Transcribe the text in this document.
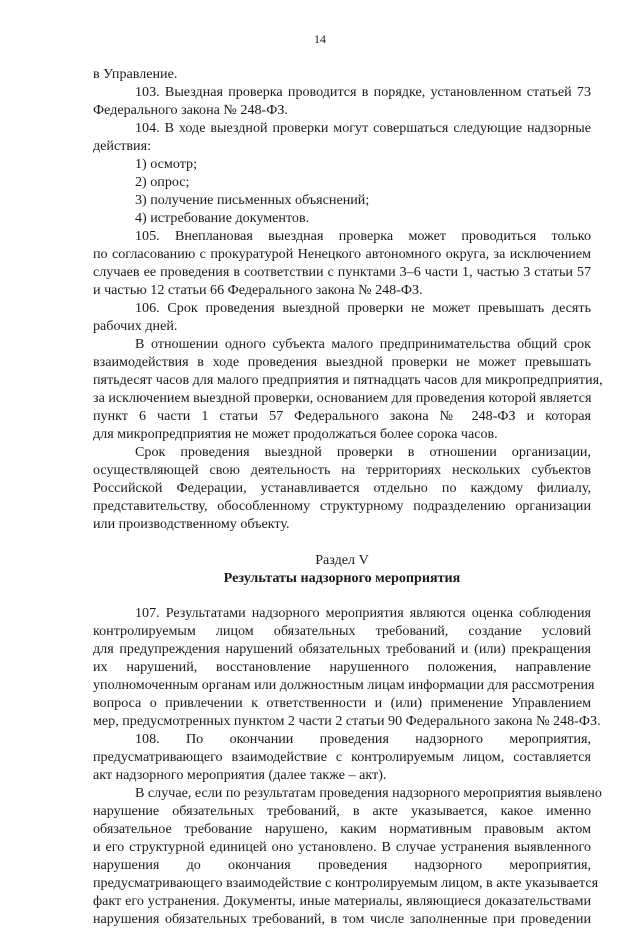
14
в Управление.
103. Выездная проверка проводится в порядке, установленном статьей 73
Федерального закона № 248-ФЗ.
104. В ходе выездной проверки могут совершаться следующие надзорные
действия:
1) осмотр;
2) опрос;
3) получение письменных объяснений;
4) истребование документов.
105. Внеплановая выездная проверка может проводиться только
по согласованию с прокуратурой Ненецкого автономного округа, за исключением
случаев ее проведения в соответствии с пунктами 3–6 части 1, частью 3 статьи 57
и частью 12 статьи 66 Федерального закона № 248-ФЗ.
106. Срок проведения выездной проверки не может превышать десять
рабочих дней.
В отношении одного субъекта малого предпринимательства общий срок
взаимодействия в ходе проведения выездной проверки не может превышать
пятьдесят часов для малого предприятия и пятнадцать часов для микропредприятия,
за исключением выездной проверки, основанием для проведения которой является
пункт 6 части 1 статьи 57 Федерального закона № 248-ФЗ и которая
для микропредприятия не может продолжаться более сорока часов.
Срок проведения выездной проверки в отношении организации,
осуществляющей свою деятельность на территориях нескольких субъектов
Российской Федерации, устанавливается отдельно по каждому филиалу,
представительству, обособленному структурному подразделению организации
или производственному объекту.
Раздел V
Результаты надзорного мероприятия
107. Результатами надзорного мероприятия являются оценка соблюдения
контролируемым лицом обязательных требований, создание условий
для предупреждения нарушений обязательных требований и (или) прекращения
их нарушений, восстановление нарушенного положения, направление
уполномоченным органам или должностным лицам информации для рассмотрения
вопроса о привлечении к ответственности и (или) применение Управлением
мер, предусмотренных пунктом 2 части 2 статьи 90 Федерального закона № 248-ФЗ.
108. По окончании проведения надзорного мероприятия,
предусматривающего взаимодействие с контролируемым лицом, составляется
акт надзорного мероприятия (далее также – акт).
В случае, если по результатам проведения надзорного мероприятия выявлено
нарушение обязательных требований, в акте указывается, какое именно
обязательное требование нарушено, каким нормативным правовым актом
и его структурной единицей оно установлено. В случае устранения выявленного
нарушения до окончания проведения надзорного мероприятия,
предусматривающего взаимодействие с контролируемым лицом, в акте указывается
факт его устранения. Документы, иные материалы, являющиеся доказательствами
нарушения обязательных требований, в том числе заполненные при проведении
